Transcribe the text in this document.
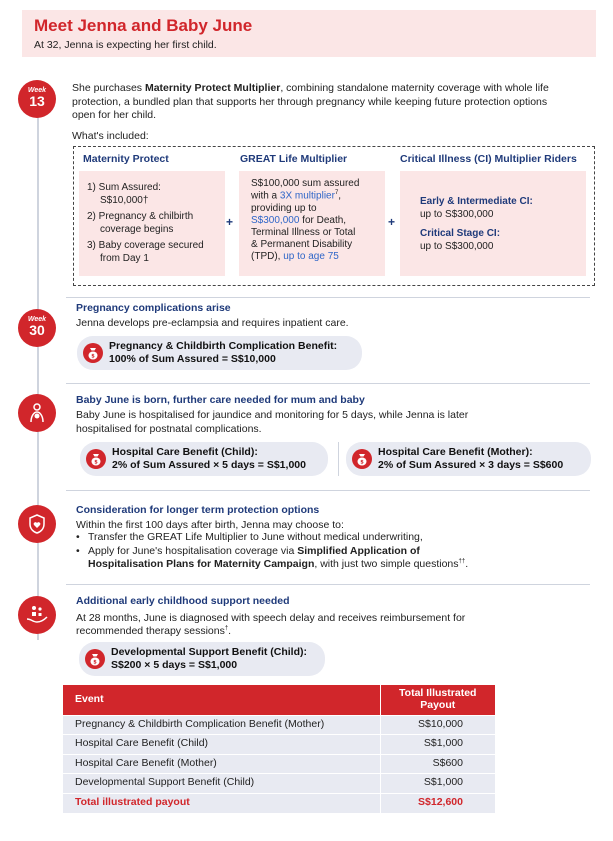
Meet Jenna and Baby June

At 32, Jenna is expecting her first child.

Week
13
She purchases Maternity Protect Multiplier, combining standalone maternity coverage with whole life protection, a bundled plan that supports her through pregnancy while keeping future protection options open for her child.
What's included:
Maternity Protect
1) Sum Assured:
S$10,000†
2) Pregnancy & chilbirth
coverage begins
3) Baby coverage secured
from Day 1
+
GREAT Life Multiplier
S$100,000 sum assured
with a 3X multiplier$^7$,
providing up to
S$300,000 for Death,
Terminal Illness or Total
& Permanent Disability
(TPD), up to age 75
+
Critical Illness (CI) Multiplier Riders
Early & Intermediate CI:
up to S$300,000
Critical Stage CI:
up to S$300,000
Week
30
Pregnancy complications arise
Jenna develops pre-eclampsia and requires inpatient care.
$
Pregnancy & Childbirth Complication Benefit:
100% of Sum Assured = S$10,000
Baby June is born, further care needed for mum and baby
Baby June is hospitalised for jaundice and monitoring for 5 days, while Jenna is later
hospitalised for postnatal complications.
$
Hospital Care Benefit (Child):
2% of Sum Assured × 5 days = S$1,000	$
Hospital Care Benefit (Mother):
2% of Sum Assured × 3 days = S$600
Consideration for longer term protection options
Within the first 100 days after birth, Jenna may choose to:
• Transfer the GREAT Life Multiplier to June without medical underwriting,
• Apply for June's hospitalisation coverage via Simplified Application of
Hospitalisation Plans for Maternity Campaign, with just two simple questions††.
Additional early childhood support needed
At 28 months, June is diagnosed with speech delay and receives reimbursement for
recommended therapy sessions†.
$
Developmental Support Benefit (Child):
S$200 × 5 days = S$1,000
Event	Total Illustrated
Payout
Pregnancy & Childbirth Complication Benefit (Mother)	S$10,000
Hospital Care Benefit (Child)	S$1,000
Hospital Care Benefit (Mother)	S$600
Developmental Support Benefit (Child)	S$1,000
Total illustrated payout	S$12,600
